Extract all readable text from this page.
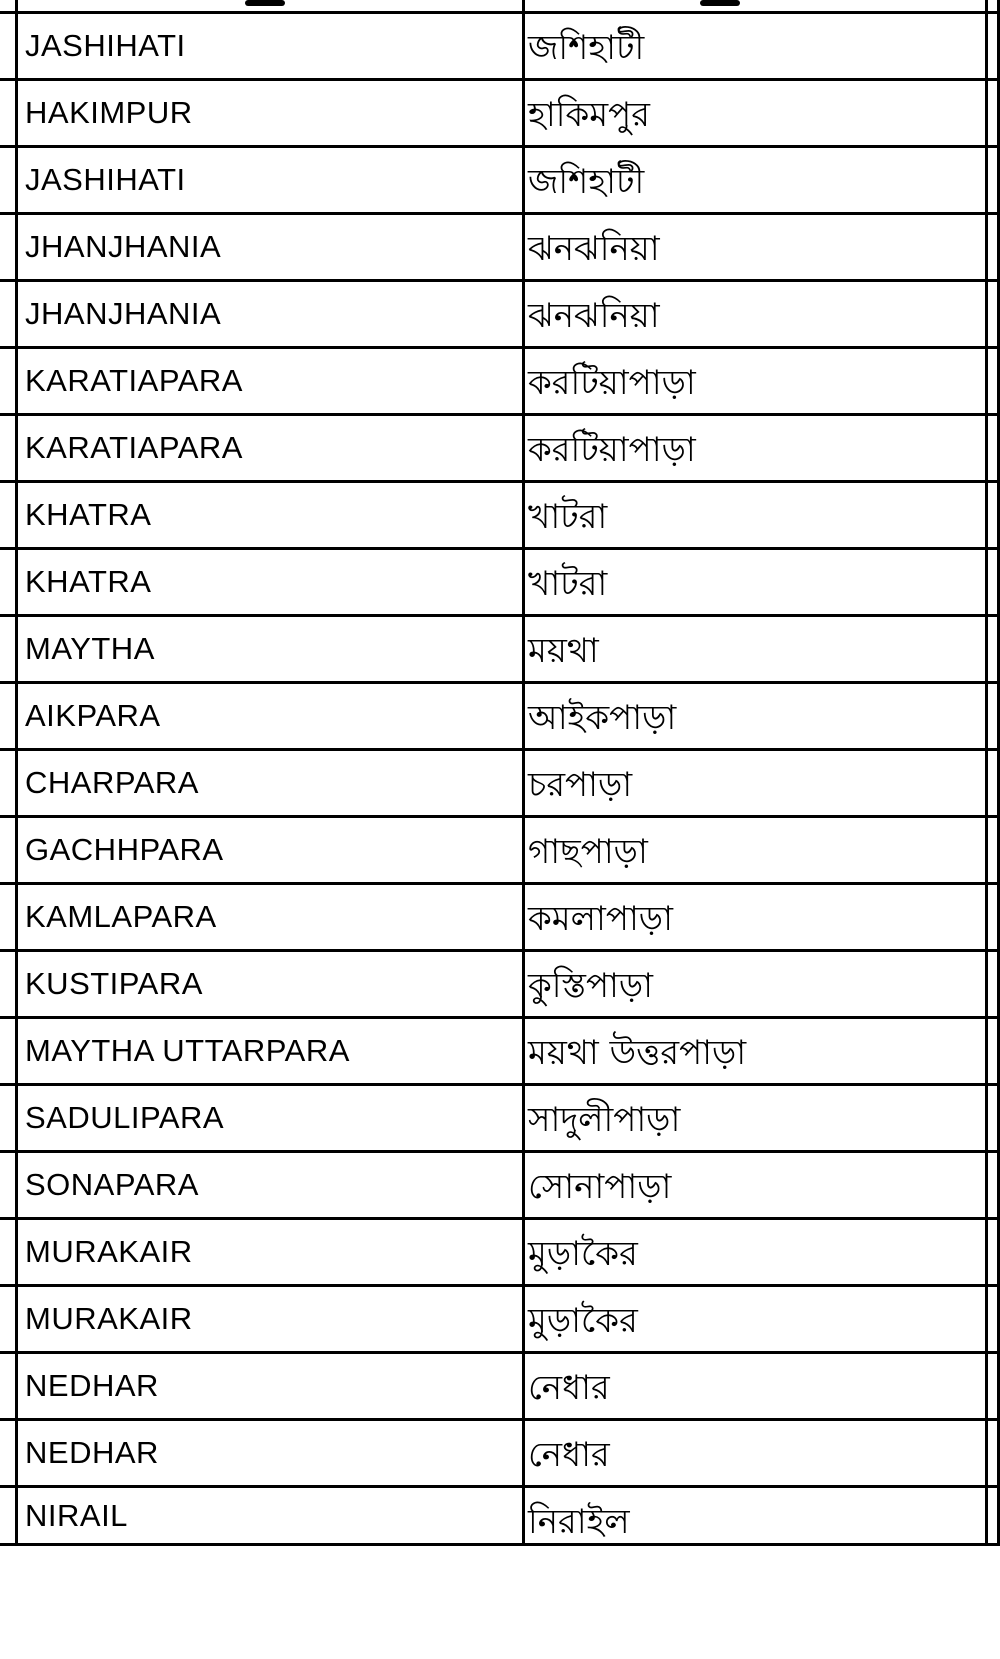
JASHIHATI	জশিহাটী
HAKIMPUR	হাকিমপুর
JASHIHATI	জশিহাটী
JHANJHANIA	ঝনঝনিয়া
JHANJHANIA	ঝনঝনিয়া
KARATIAPARA	করটিয়াপাড়া
KARATIAPARA	করটিয়াপাড়া
KHATRA	খাটরা
KHATRA	খাটরা
MAYTHA	ময়থা
AIKPARA	আইকপাড়া
CHARPARA	চরপাড়া
GACHHPARA	গাছপাড়া
KAMLAPARA	কমলাপাড়া
KUSTIPARA	কুস্তিপাড়া
MAYTHA UTTARPARA	ময়থা উত্তরপাড়া
SADULIPARA	সাদুলীপাড়া
SONAPARA	সোনাপাড়া
MURAKAIR	মুড়াকৈর
MURAKAIR	মুড়াকৈর
NEDHAR	নেধার
NEDHAR	নেধার
NIRAIL	নিরাইল
